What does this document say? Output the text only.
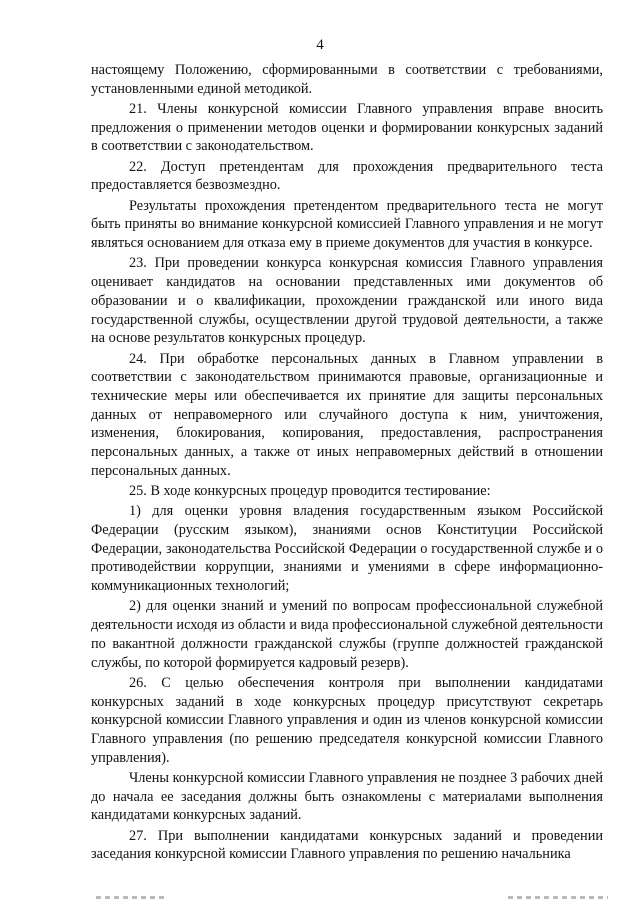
4

настоящему Положению, сформированными в соответствии с требованиями, установленными единой методикой.

21. Члены конкурсной комиссии Главного управления вправе вносить предложения о применении методов оценки и формировании конкурсных заданий в соответствии с законодательством.

22. Доступ претендентам для прохождения предварительного теста предоставляется безвозмездно.

Результаты прохождения претендентом предварительного теста не могут быть приняты во внимание конкурсной комиссией Главного управления и не могут являться основанием для отказа ему в приеме документов для участия в конкурсе.

23. При проведении конкурса конкурсная комиссия Главного управления оценивает кандидатов на основании представленных ими документов об образовании и о квалификации, прохождении гражданской или иного вида государственной службы, осуществлении другой трудовой деятельности, а также на основе результатов конкурсных процедур.

24. При обработке персональных данных в Главном управлении в соответствии с законодательством принимаются правовые, организационные и технические меры или обеспечивается их принятие для защиты персональных данных от неправомерного или случайного доступа к ним, уничтожения, изменения, блокирования, копирования, предоставления, распространения персональных данных, а также от иных неправомерных действий в отношении персональных данных.

25. В ходе конкурсных процедур проводится тестирование:

1) для оценки уровня владения государственным языком Российской Федерации (русским языком), знаниями основ Конституции Российской Федерации, законодательства Российской Федерации о государственной службе и о противодействии коррупции, знаниями и умениями в сфере информационно-коммуникационных технологий;

2) для оценки знаний и умений по вопросам профессиональной служебной деятельности исходя из области и вида профессиональной служебной деятельности по вакантной должности гражданской службы (группе должностей гражданской службы, по которой формируется кадровый резерв).

26. С целью обеспечения контроля при выполнении кандидатами конкурсных заданий в ходе конкурсных процедур присутствуют секретарь конкурсной комиссии Главного управления и один из членов конкурсной комиссии Главного управления (по решению председателя конкурсной комиссии Главного управления).

Члены конкурсной комиссии Главного управления не позднее 3 рабочих дней до начала ее заседания должны быть ознакомлены с материалами выполнения кандидатами конкурсных заданий.

27. При выполнении кандидатами конкурсных заданий и проведении заседания конкурсной комиссии Главного управления по решению начальника
